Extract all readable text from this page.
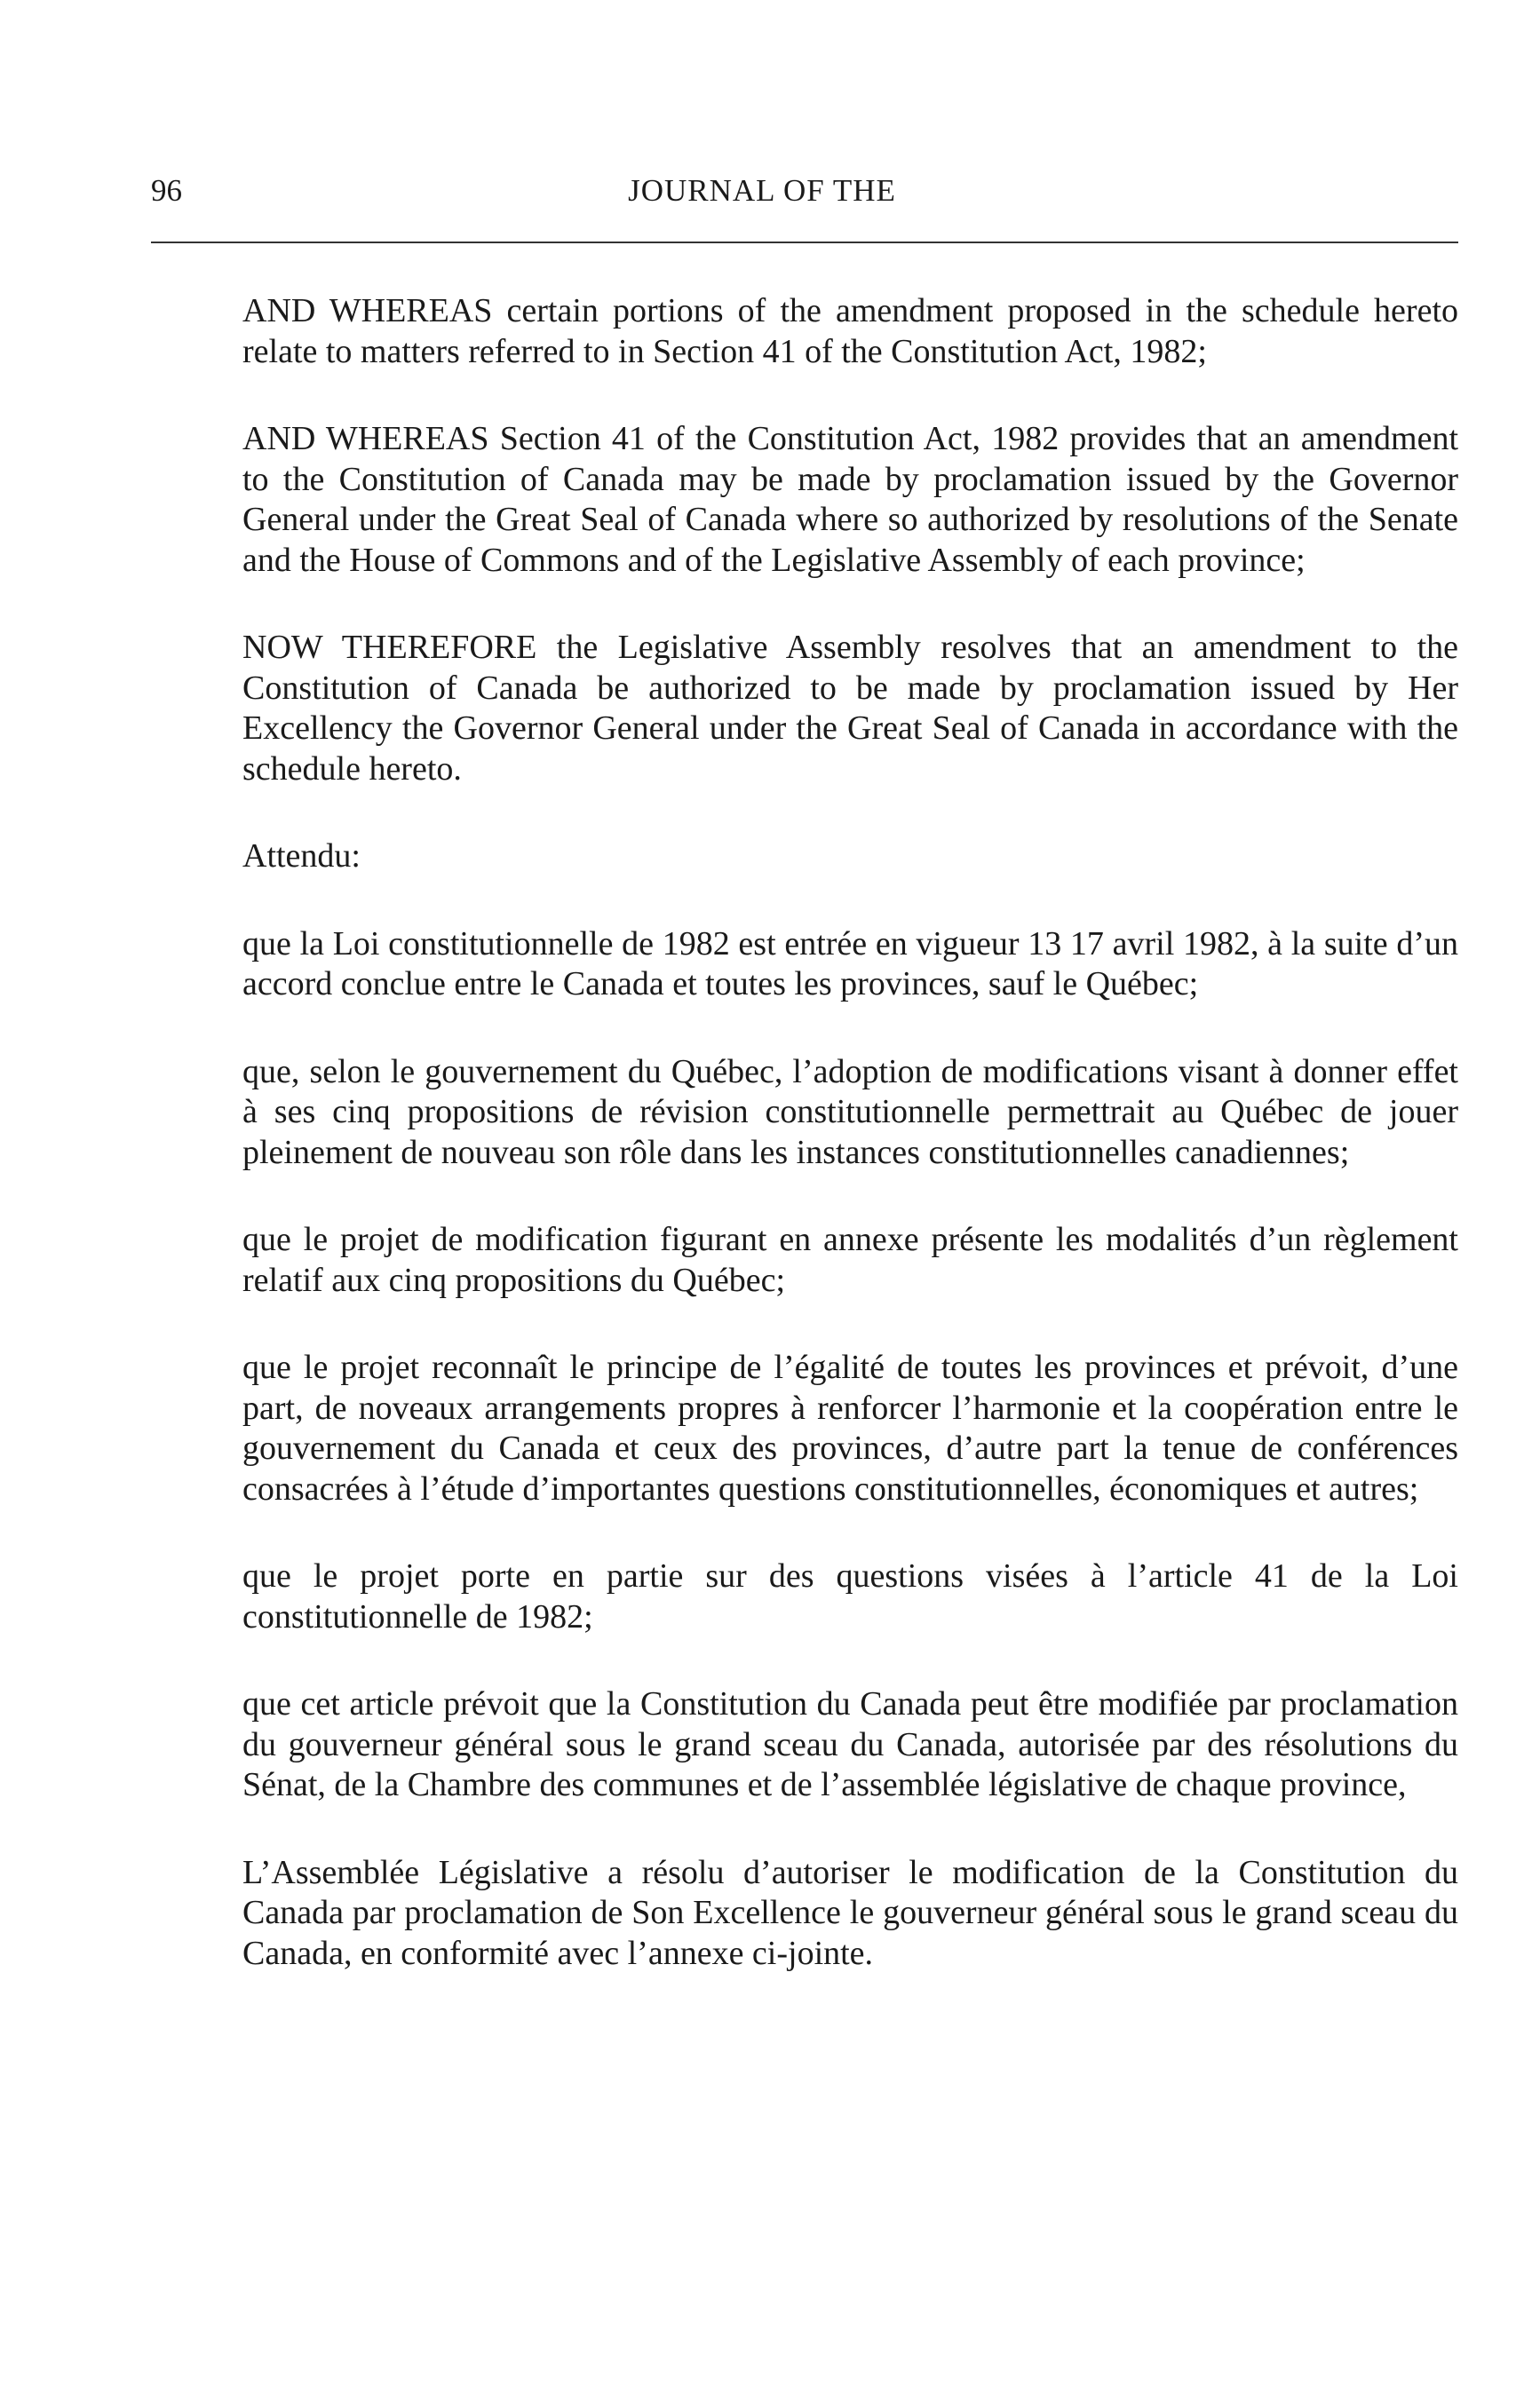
96	JOURNAL OF THE

AND WHEREAS certain portions of the amendment proposed in the schedule hereto relate to matters referred to in Section 41 of the Constitution Act, 1982;

AND WHEREAS Section 41 of the Constitution Act, 1982 provides that an amendment to the Constitution of Canada may be made by proclamation issued by the Governor General under the Great Seal of Canada where so authorized by resolutions of the Senate and the House of Commons and of the Legislative Assembly of each province;

NOW THEREFORE the Legislative Assembly resolves that an amendment to the Constitution of Canada be authorized to be made by proclamation issued by Her Excellency the Governor General under the Great Seal of Canada in accordance with the schedule hereto.

Attendu:

que la Loi constitutionnelle de 1982 est entrée en vigueur 13 17 avril 1982, à la suite d’un accord conclue entre le Canada et toutes les provinces, sauf le Québec;

que, selon le gouvernement du Québec, l’adoption de modifications visant à donner effet à ses cinq propositions de révision constitutionnelle permettrait au Québec de jouer pleinement de nouveau son rôle dans les instances constitutionnelles canadiennes;

que le projet de modification figurant en annexe présente les modalités d’un règlement relatif aux cinq propositions du Québec;

que le projet reconnaît le principe de l’égalité de toutes les provinces et prévoit, d’une part, de noveaux arrangements propres à renforcer l’harmonie et la coopération entre le gouvernement du Canada et ceux des provinces, d’autre part la tenue de conférences consacrées à l’étude d’importantes questions constitutionnelles, économiques et autres;

que le projet porte en partie sur des questions visées à l’article 41 de la Loi constitutionnelle de 1982;

que cet article prévoit que la Constitution du Canada peut être modifiée par proclamation du gouverneur général sous le grand sceau du Canada, autorisée par des résolutions du Sénat, de la Chambre des communes et de l’assemblée législative de chaque province,

L’Assemblée Législative a résolu d’autoriser le modification de la Constitution du Canada par proclamation de Son Excellence le gouverneur général sous le grand sceau du Canada, en conformité avec l’annexe ci-jointe.
